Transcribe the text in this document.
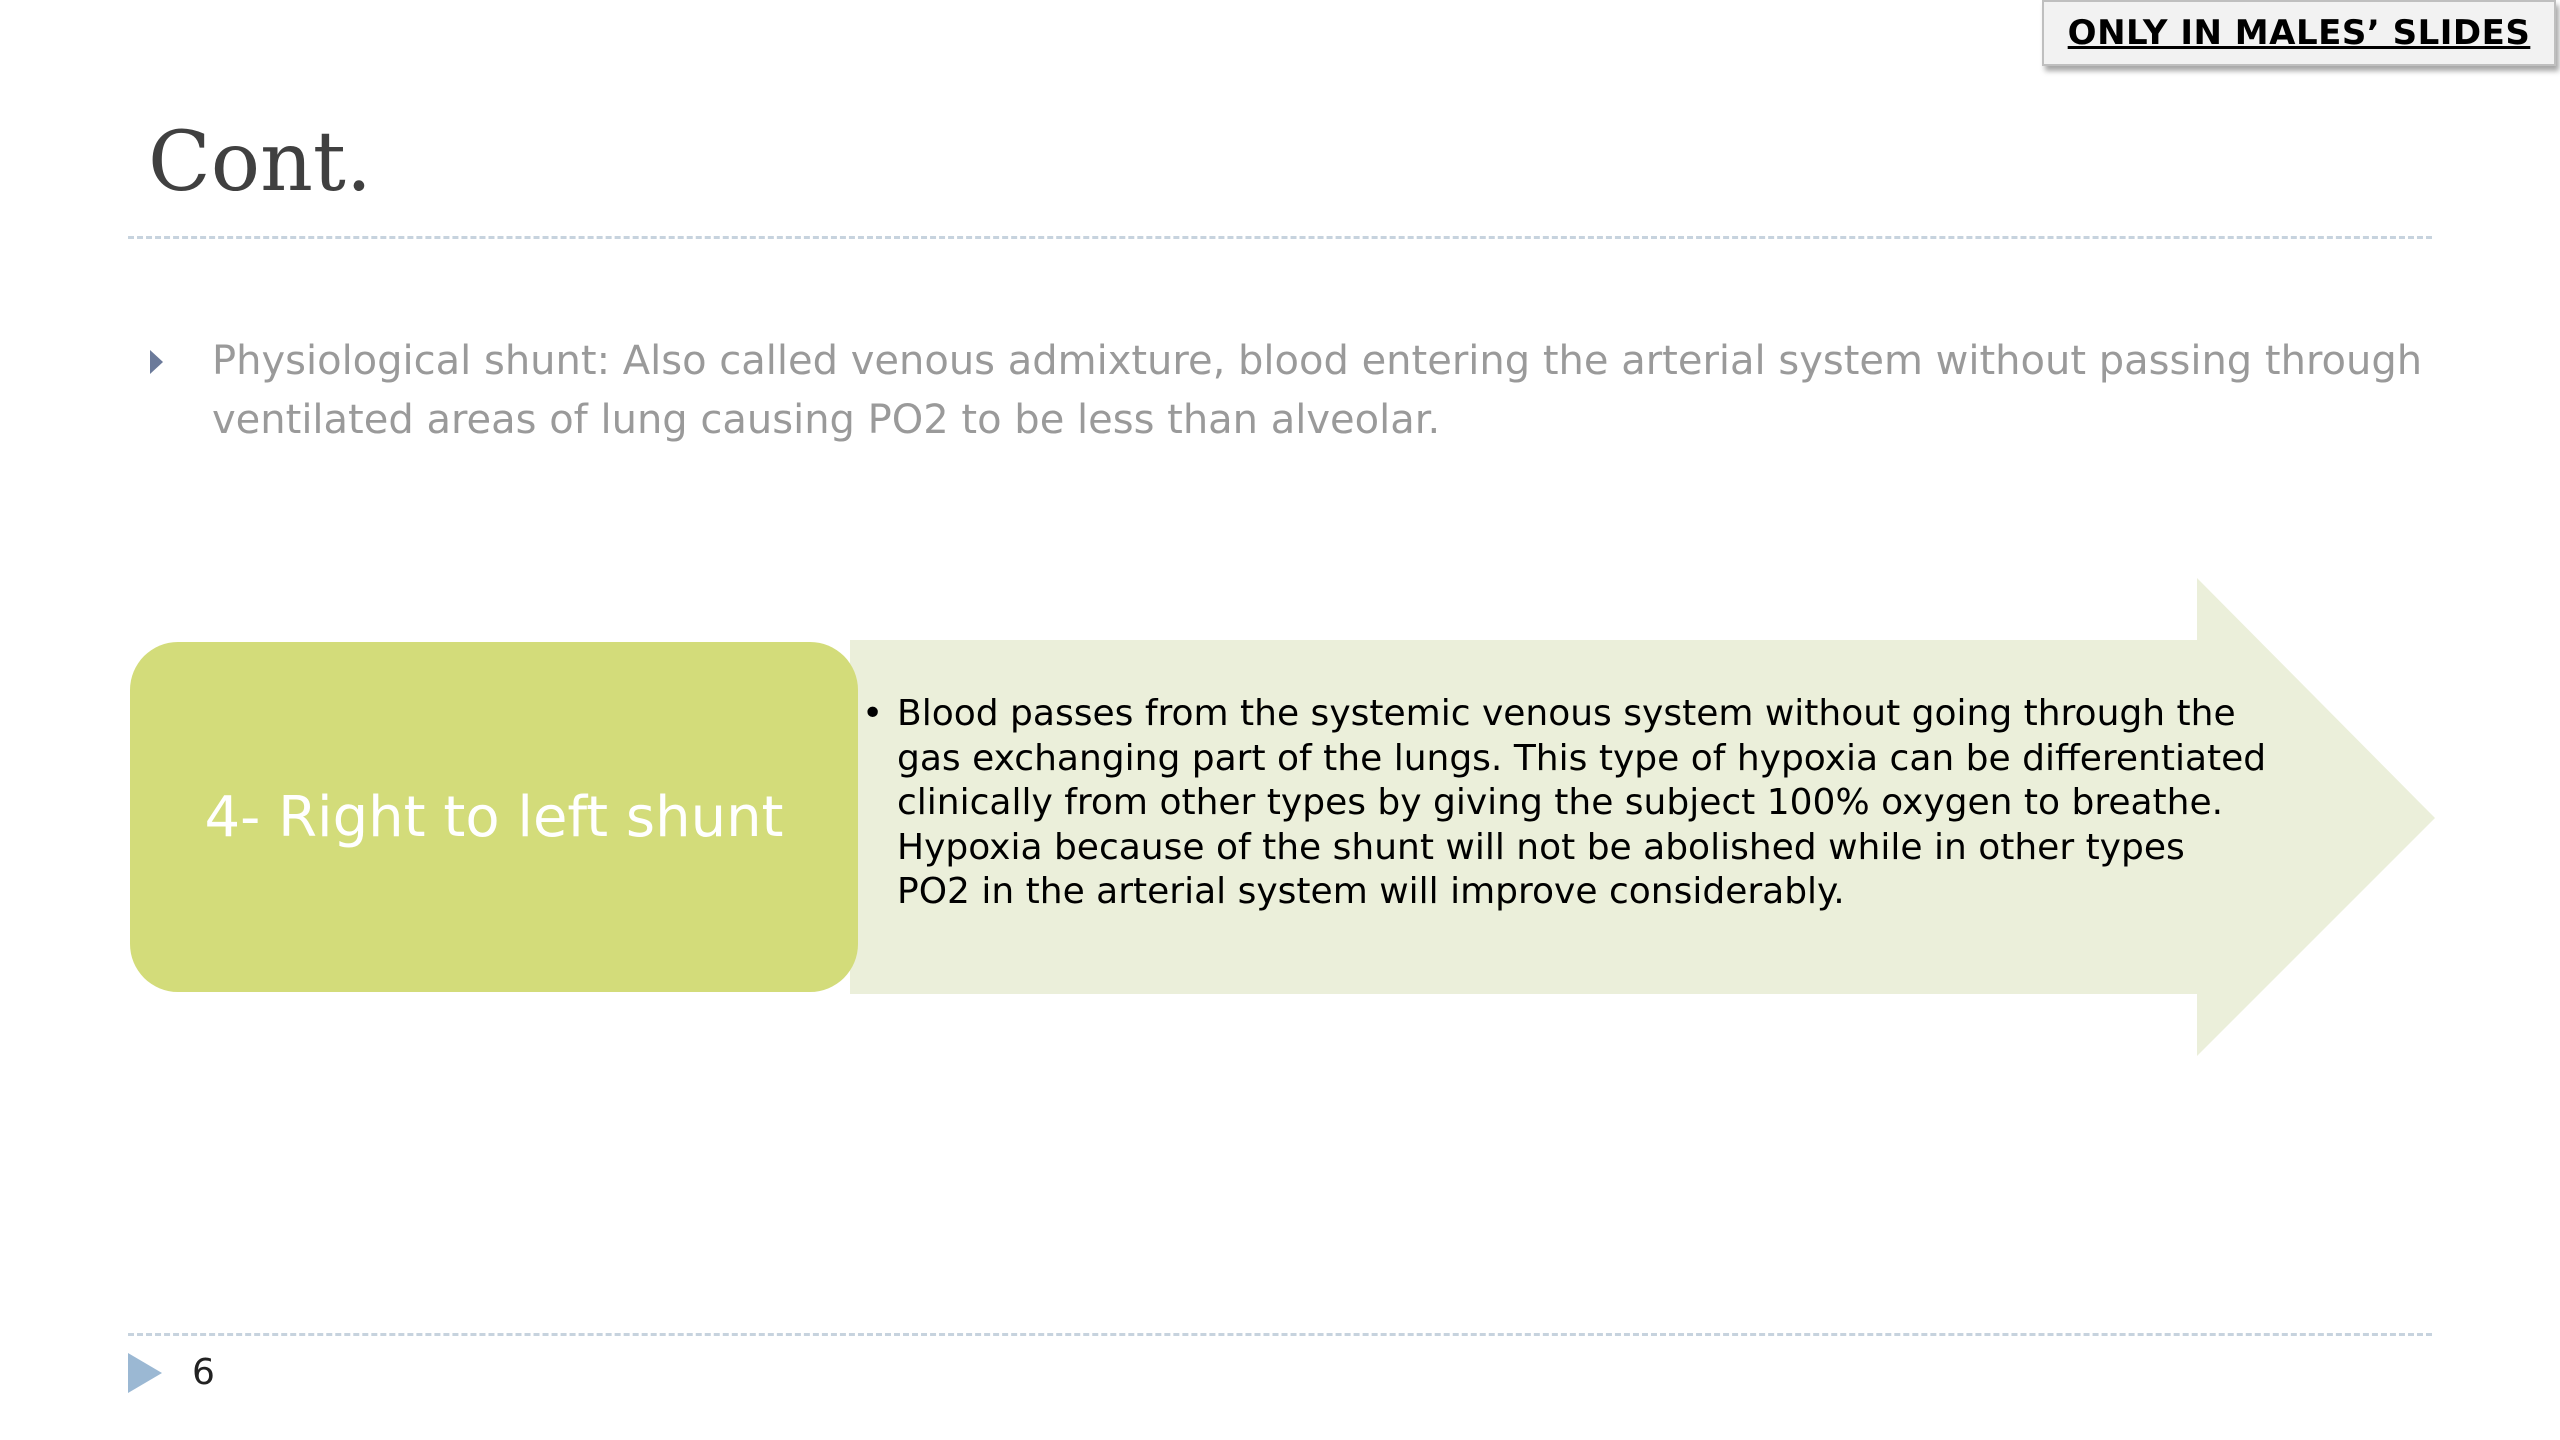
ONLY IN MALES’ SLIDES
Cont.

Physiological shunt: Also called venous admixture, blood entering the arterial system without passing through ventilated areas of lung causing PO2 to be less than alveolar.

4- Right to left shunt
• Blood passes from the systemic venous system without going through the gas exchanging part of the lungs. This type of hypoxia can be differentiated clinically from other types by giving the subject 100% oxygen to breathe. Hypoxia because of the shunt will not be abolished while in other types PO2 in the arterial system will improve considerably.
6
